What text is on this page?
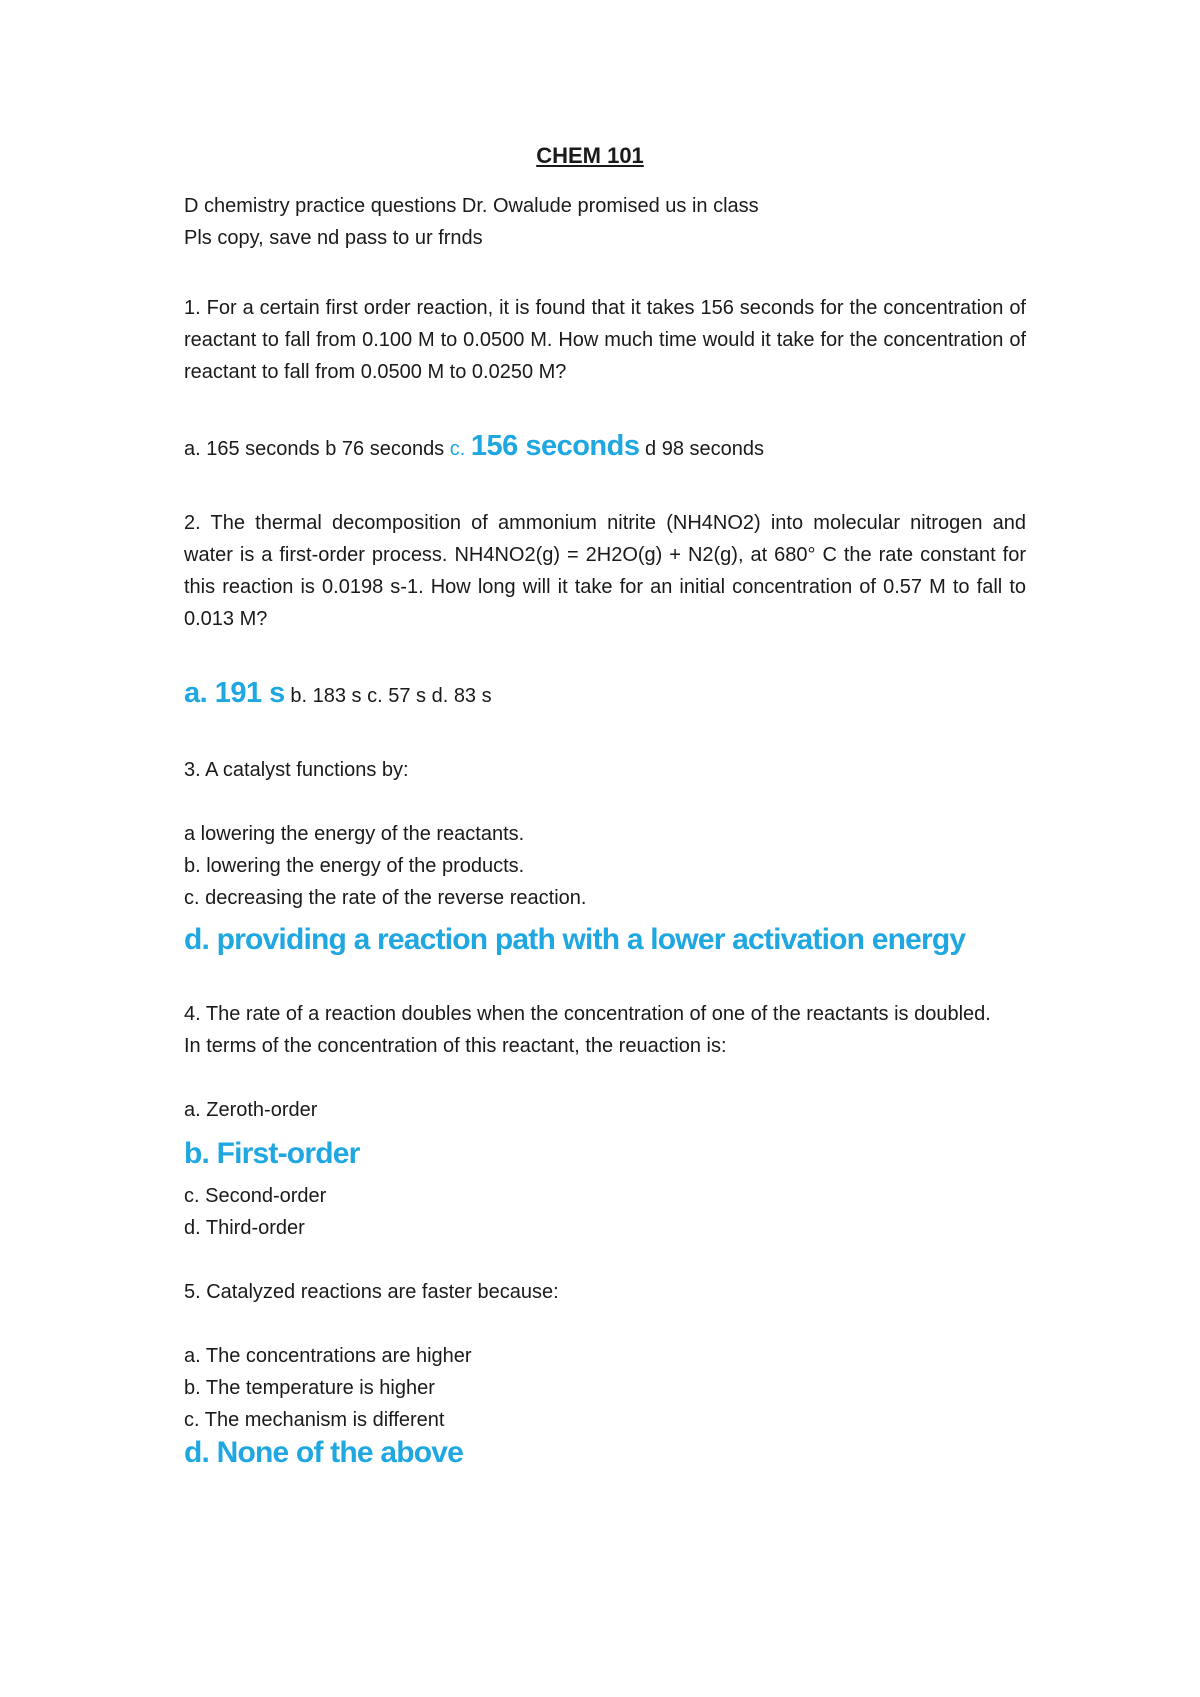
CHEM 101

D chemistry practice questions Dr. Owalude promised us in class

Pls copy, save nd pass to ur frnds

1. For a certain first order reaction, it is found that it takes 156 seconds for the concentration of reactant to fall from 0.100 M to 0.0500 M. How much time would it take for the concentration of reactant to fall from 0.0500 M to 0.0250 M?

a. 165 seconds b 76 seconds c. 156 seconds d 98 seconds

2. The thermal decomposition of ammonium nitrite (NH4NO2) into molecular nitrogen and water is a first-order process. NH4NO2(g) = 2H2O(g) + N2(g), at 680° C the rate constant for this reaction is 0.0198 s-1. How long will it take for an initial concentration of 0.57 M to fall to 0.013 M?

a. 191 s b. 183 s c. 57 s d. 83 s

3. A catalyst functions by:

a lowering the energy of the reactants.

b. lowering the energy of the products.

c. decreasing the rate of the reverse reaction.

d. providing a reaction path with a lower activation energy

4. The rate of a reaction doubles when the concentration of one of the reactants is doubled.

In terms of the concentration of this reactant, the reuaction is:

a. Zeroth-order

b. First-order

c. Second-order

d. Third-order

5. Catalyzed reactions are faster because:

a. The concentrations are higher

b. The temperature is higher

c. The mechanism is different

d. None of the above
